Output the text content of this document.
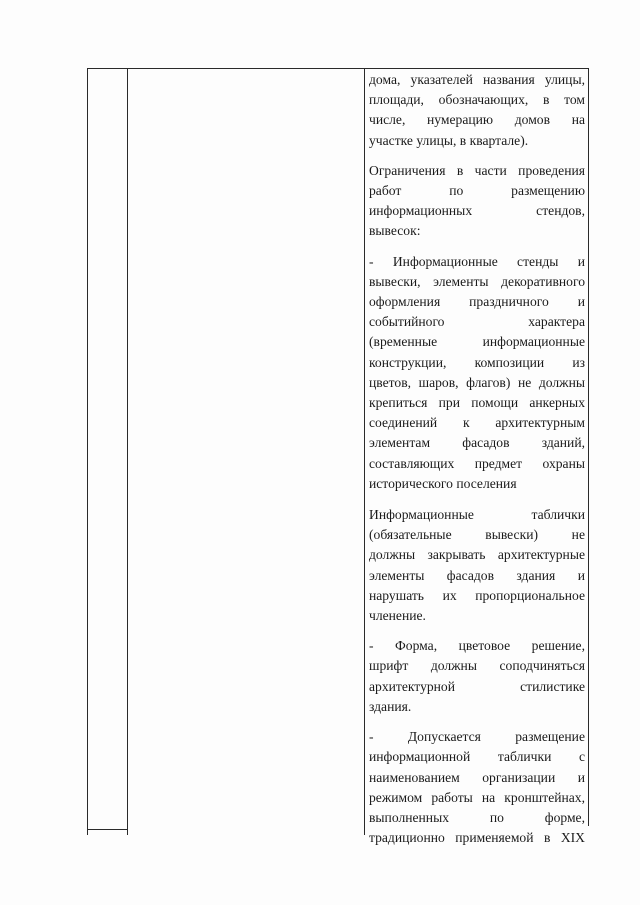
дома, указателей названия улицы,
площади, обозначающих, в том
числе, нумерацию домов на
участке улицы, в квартале).
Ограничения в части проведения
работ по размещению
информационных стендов,
вывесок:
- Информационные стенды и
вывески, элементы декоративного
оформления праздничного и
событийного характера
(временные информационные
конструкции, композиции из
цветов, шаров, флагов) не должны
крепиться при помощи анкерных
соединений к архитектурным
элементам фасадов зданий,
составляющих предмет охраны
исторического поселения
Информационные таблички
(обязательные вывески) не
должны закрывать архитектурные
элементы фасадов здания и
нарушать их пропорциональное
членение.
- Форма, цветовое решение,
шрифт должны соподчиняться
архитектурной стилистике
здания.
- Допускается размещение
информационной таблички с
наименованием организации и
режимом работы на кронштейнах,
выполненных по форме,
традиционно применяемой в XIX
